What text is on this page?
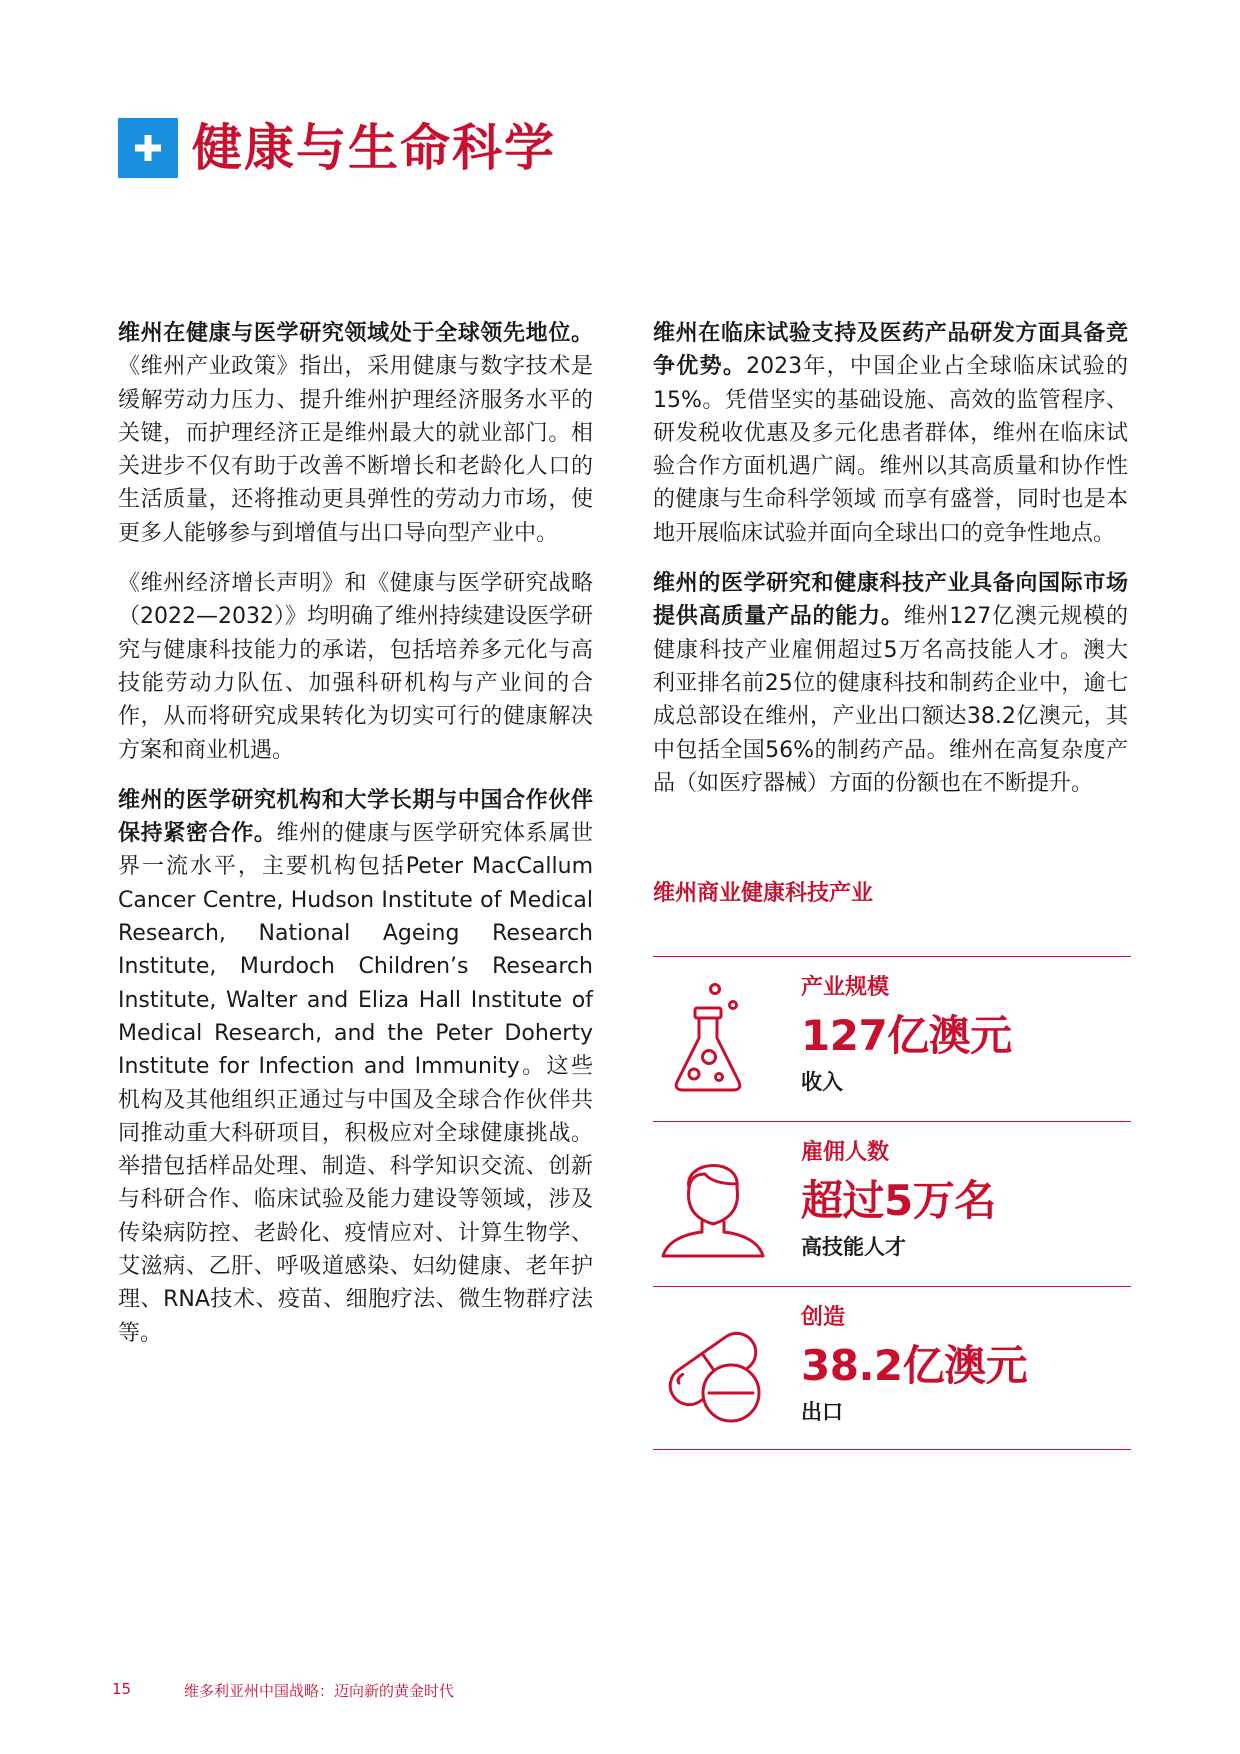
健康与生命科学

维州在健康与医学研究领域处于全球领先地位。《维州产业政策》指出，采用健康与数字技术是缓解劳动力压力、提升维州护理经济服务水平的关键，而护理经济正是维州最大的就业部门。相关进步不仅有助于改善不断增长和老龄化人口的生活质量，还将推动更具弹性的劳动力市场，使更多人能够参与到增值与出口导向型产业中。

《维州经济增长声明》和《健康与医学研究战略（2022—2032）》均明确了维州持续建设医学研究与健康科技能力的承诺，包括培养多元化与高技能劳动力队伍、加强科研机构与产业间的合作，从而将研究成果转化为切实可行的健康解决方案和商业机遇。

维州的医学研究机构和大学长期与中国合作伙伴保持紧密合作。维州的健康与医学研究体系属世界一流水平，主要机构包括Peter MacCallum Cancer Centre, Hudson Institute of Medical Research, National Ageing Research Institute, Murdoch Children’s Research Institute, Walter and Eliza Hall Institute of Medical Research, and the Peter Doherty Institute for Infection and Immunity。这些机构及其他组织正通过与中国及全球合作伙伴共同推动重大科研项目，积极应对全球健康挑战。举措包括样品处理、制造、科学知识交流、创新与科研合作、临床试验及能力建设等领域，涉及传染病防控、老龄化、疫情应对、计算生物学、艾滋病、乙肝、呼吸道感染、妇幼健康、老年护理、RNA技术、疫苗、细胞疗法、微生物群疗法等。

维州在临床试验支持及医药产品研发方面具备竞争优势。2023年，中国企业占全球临床试验的15%。凭借坚实的基础设施、高效的监管程序、研发税收优惠及多元化患者群体，维州在临床试验合作方面机遇广阔。维州以其高质量和协作性的健康与生命科学领域 而享有盛誉，同时也是本地开展临床试验并面向全球出口的竞争性地点。

维州的医学研究和健康科技产业具备向国际市场提供高质量产品的能力。维州127亿澳元规模的健康科技产业雇佣超过5万名高技能人才。澳大利亚排名前25位的健康科技和制药企业中，逾七成总部设在维州，产业出口额达38.2亿澳元，其中包括全国56%的制药产品。维州在高复杂度产品（如医疗器械）方面的份额也在不断提升。

维州商业健康科技产业
产业规模
127亿澳元
收入
雇佣人数
超过5万名
高技能人才
创造
38.2亿澳元
出口
15	维多利亚州中国战略：迈向新的黄金时代
